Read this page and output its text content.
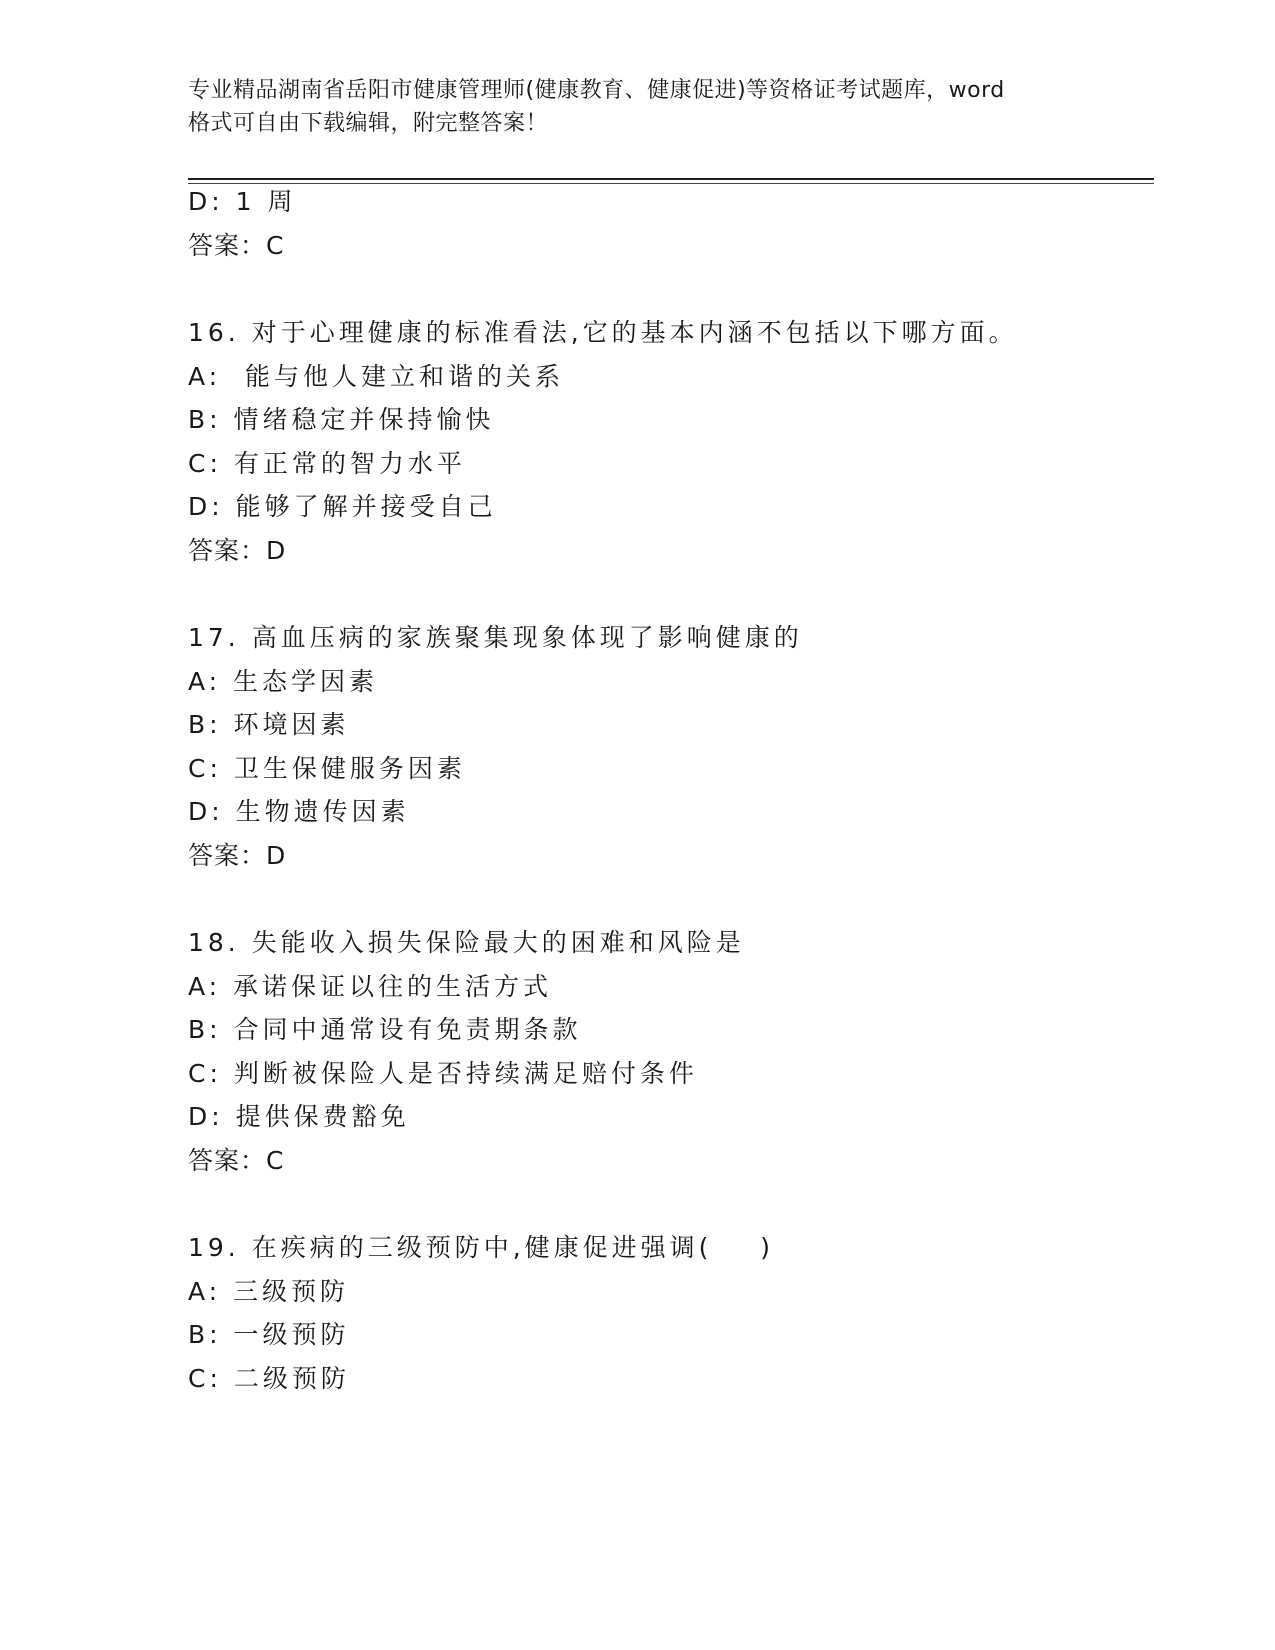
专业精品湖南省岳阳市健康管理师(健康教育、健康促进)等资格证考试题库，word
格式可自由下载编辑，附完整答案！
D: 1 周
答案：C
16. 对于心理健康的标准看法,它的基本内涵不包括以下哪方面。
A:  能与他人建立和谐的关系
B: 情绪稳定并保持愉快
C: 有正常的智力水平
D: 能够了解并接受自己
答案：D
17. 高血压病的家族聚集现象体现了影响健康的
A: 生态学因素
B: 环境因素
C: 卫生保健服务因素
D: 生物遗传因素
答案：D
18. 失能收入损失保险最大的困难和风险是
A: 承诺保证以往的生活方式
B: 合同中通常设有免责期条款
C: 判断被保险人是否持续满足赔付条件
D: 提供保费豁免
答案：C
19. 在疾病的三级预防中,健康促进强调(    )
A: 三级预防
B: 一级预防
C: 二级预防
